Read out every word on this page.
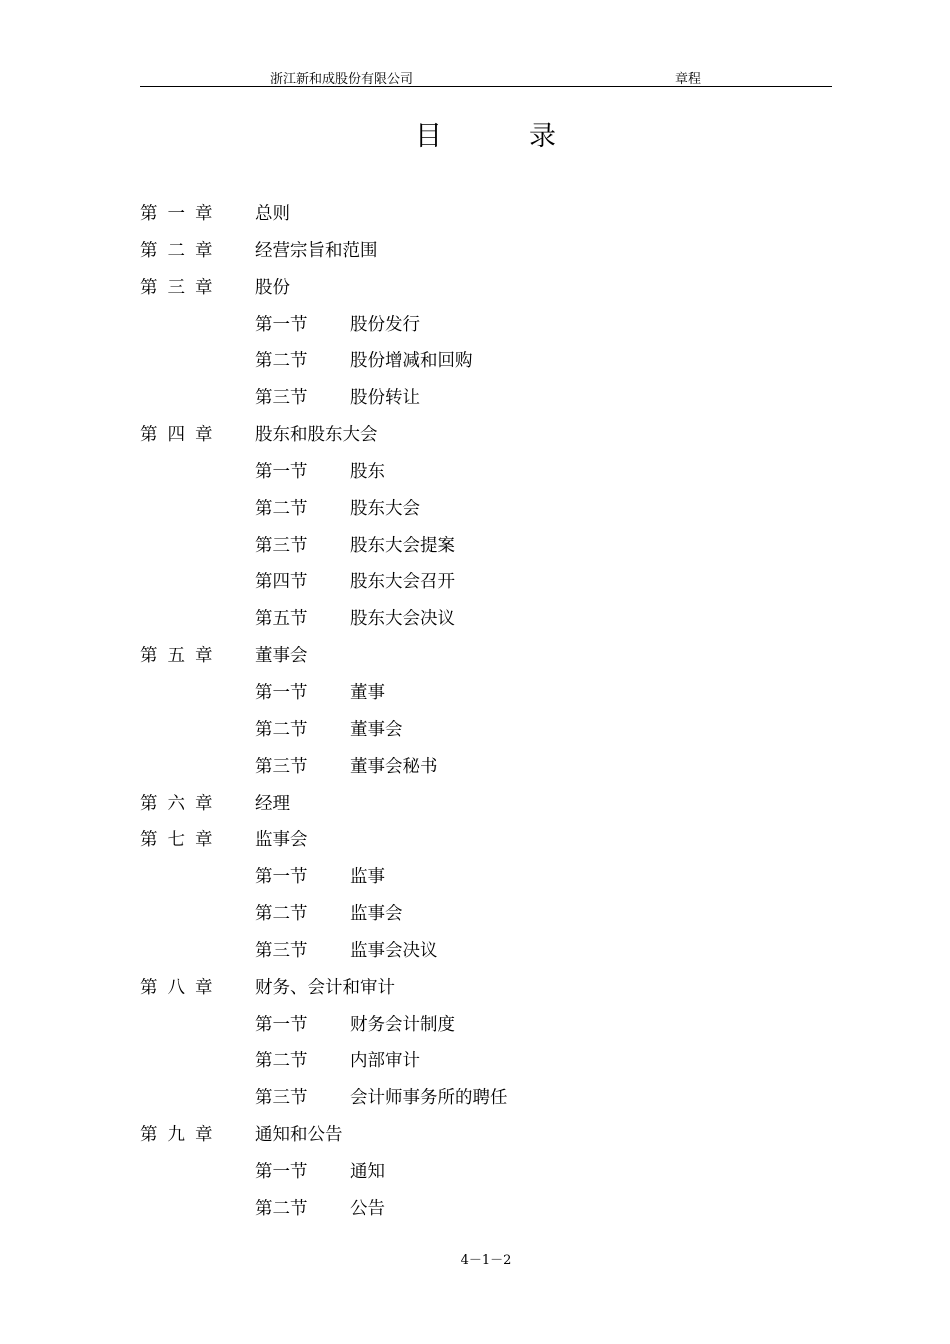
浙江新和成股份有限公司	章程
目	录
第一章 总则
第二章 经营宗旨和范围
第三章 股份
第一节 股份发行
第二节 股份增减和回购
第三节 股份转让
第四章 股东和股东大会
第一节 股东
第二节 股东大会
第三节 股东大会提案
第四节 股东大会召开
第五节 股东大会决议
第五章 董事会
第一节 董事
第二节 董事会
第三节 董事会秘书
第六章 经理
第七章 监事会
第一节 监事
第二节 监事会
第三节 监事会决议
第八章 财务、会计和审计
第一节 财务会计制度
第二节 内部审计
第三节 会计师事务所的聘任
第九章 通知和公告
第一节 通知
第二节 公告
4－1－2
